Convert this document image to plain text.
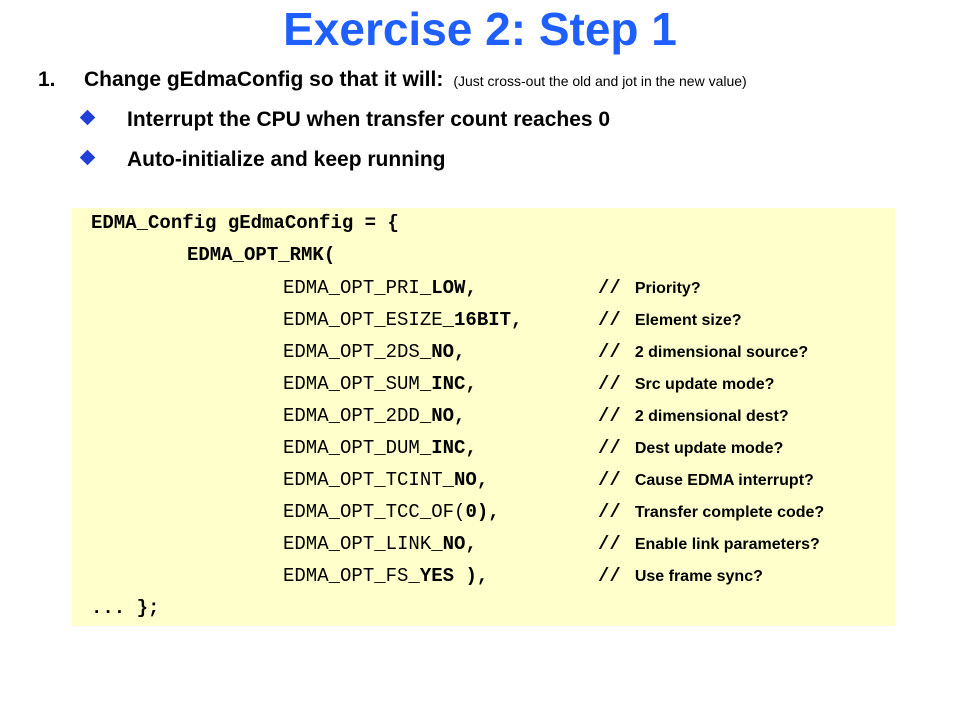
Exercise 2: Step 1
1. Change gEdmaConfig so that it will: (Just cross-out the old and jot in the new value)
Interrupt the CPU when transfer count reaches 0
Auto-initialize and keep running
EDMA_Config gEdmaConfig = {
EDMA_OPT_RMK(
EDMA_OPT_PRI_LOW,	// Priority?
EDMA_OPT_ESIZE_16BIT,	// Element size?
EDMA_OPT_2DS_NO,	// 2 dimensional source?
EDMA_OPT_SUM_INC,	// Src update mode?
EDMA_OPT_2DD_NO,	// 2 dimensional dest?
EDMA_OPT_DUM_INC,	// Dest update mode?
EDMA_OPT_TCINT_NO,	// Cause EDMA interrupt?
EDMA_OPT_TCC_OF(0),	// Transfer complete code?
EDMA_OPT_LINK_NO,	// Enable link parameters?
EDMA_OPT_FS_YES ),	// Use frame sync?
... };
